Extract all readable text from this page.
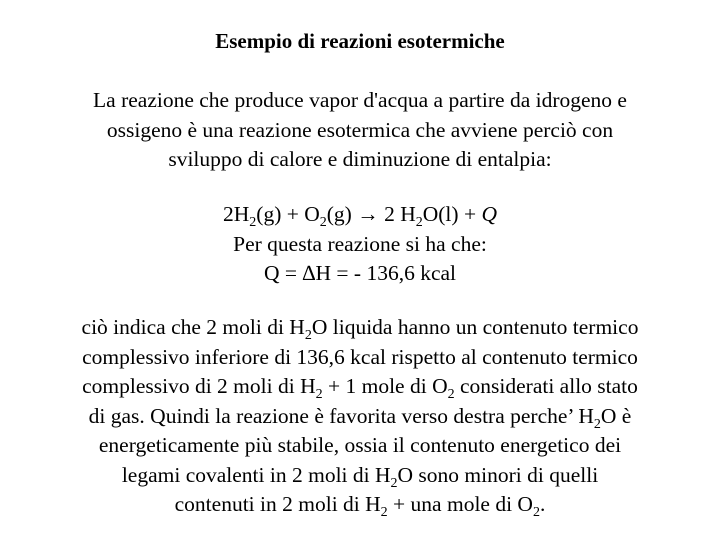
Esempio di reazioni esotermiche
La reazione che produce vapor d'acqua a partire da idrogeno e
ossigeno è una reazione esotermica che avviene perciò con
sviluppo di calore e diminuzione di entalpia:
$2H_2(g) + O_2(g) \to 2$ $H_2O(l) + Q$
Per questa reazione si ha che:
Q = ∆H = - 136,6 kcal
ciò indica che 2 moli di $H_2O$ liquida hanno un contenuto termico
complessivo inferiore di 136,6 kcal rispetto al contenuto termico
complessivo di 2 moli di $H_2 + 1$ mole di $O_2$ considerati allo stato
di gas. Quindi la reazione è favorita verso destra perche’ $H_2O$ è
energeticamente più stabile, ossia il contenuto energetico dei
legami covalenti in 2 moli di $H_2O$ sono minori di quelli
contenuti in 2 moli di $H_2$ + una mole di $O_2$.
